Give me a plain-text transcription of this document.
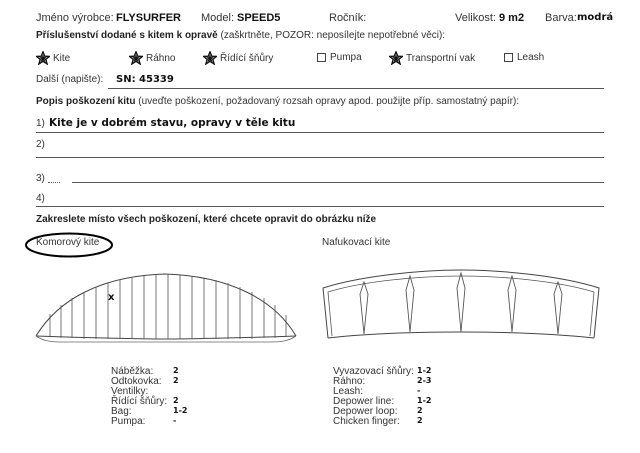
Jméno výrobce: FLYSURFER Model: SPEED5	Ročník:	Velikost: 9 m2 Barva: modrá
Příslušenství dodané s kitem k opravě (zaškrtněte, POZOR: neposílejte nepotřebné věci):
Kite	Ráhno	Řídící šňůry	Pumpa	Transportní vak	Leash
Další (napište): SN: 45339
Popis poškození kitu (uveďte poškození, požadovaný rozsah opravy apod. použijte příp. samostatný papír):
1) Kite je v dobrém stavu, opravy v těle kitu
2)
3)
4)
Zakreslete místo všech poškození, které chcete opravit do obrázku níže
Komorový kite	Nafukovací kite
x
Náběžka: 2
Odtokovka: 2
Ventilky:
Řídící šňůry: 2
Bag:	1-2
Pumpa:	-
Vyvazovací šňůry: 1-2
Ráhno:	2-3
Leash:	-
Depower line:	1-2
Depower loop: 2
Chicken finger: 2
